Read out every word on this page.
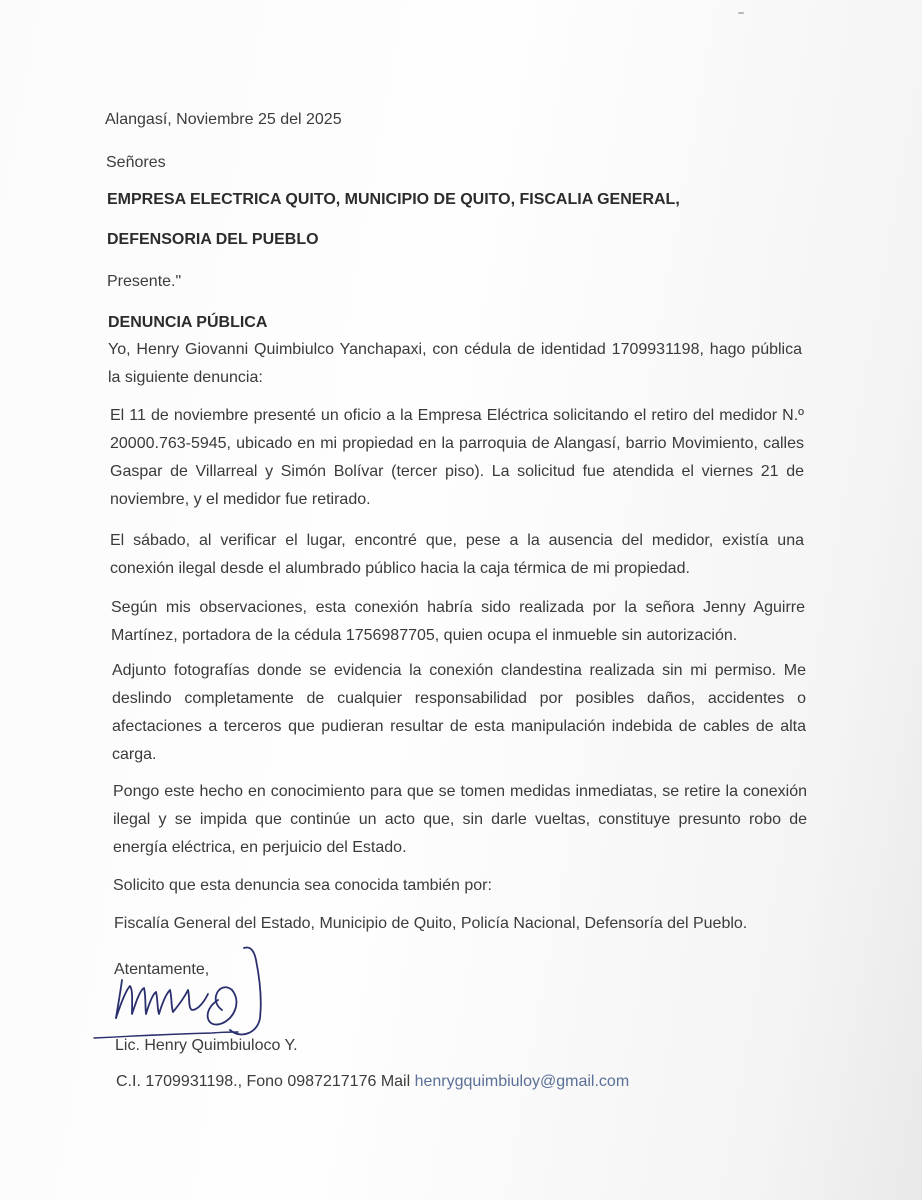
Alangasí, Noviembre 25 del 2025

Señores

EMPRESA ELECTRICA QUITO, MUNICIPIO DE QUITO, FISCALIA GENERAL,

DEFENSORIA DEL PUEBLO

Presente."

DENUNCIA PÚBLICA

Yo, Henry Giovanni Quimbiulco Yanchapaxi, con cédula de identidad 1709931198, hago pública la siguiente denuncia:

El 11 de noviembre presenté un oficio a la Empresa Eléctrica solicitando el retiro del medidor N.º 20000.763-5945, ubicado en mi propiedad en la parroquia de Alangasí, barrio Movimiento, calles Gaspar de Villarreal y Simón Bolívar (tercer piso). La solicitud fue atendida el viernes 21 de noviembre, y el medidor fue retirado.

El sábado, al verificar el lugar, encontré que, pese a la ausencia del medidor, existía una conexión ilegal desde el alumbrado público hacia la caja térmica de mi propiedad.

Según mis observaciones, esta conexión habría sido realizada por la señora Jenny Aguirre Martínez, portadora de la cédula 1756987705, quien ocupa el inmueble sin autorización.

Adjunto fotografías donde se evidencia la conexión clandestina realizada sin mi permiso. Me deslindo completamente de cualquier responsabilidad por posibles daños, accidentes o afectaciones a terceros que pudieran resultar de esta manipulación indebida de cables de alta carga.

Pongo este hecho en conocimiento para que se tomen medidas inmediatas, se retire la conexión ilegal y se impida que continúe un acto que, sin darle vueltas, constituye presunto robo de energía eléctrica, en perjuicio del Estado.

Solicito que esta denuncia sea conocida también por:

Fiscalía General del Estado, Municipio de Quito, Policía Nacional, Defensoría del Pueblo.

Atentamente,

Lic. Henry Quimbiuloco Y.

C.I. 1709931198., Fono 0987217176 Mail henrygquimbiuloy@gmail.com
